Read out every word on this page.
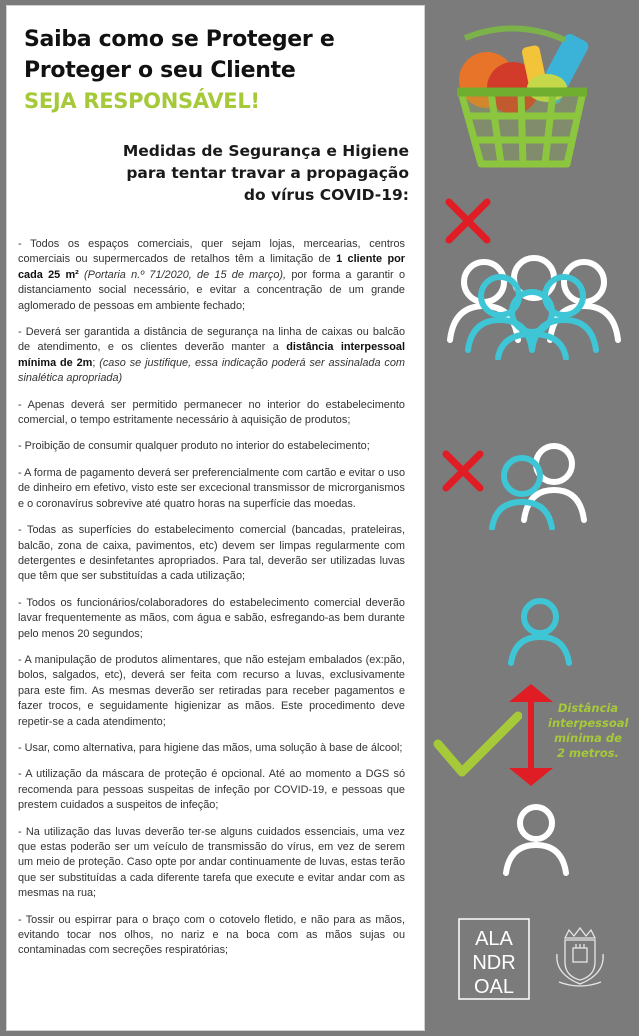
Saiba como se Proteger e
Proteger o seu Cliente
SEJA RESPONSÁVEL!
Medidas de Segurança e Higiene
para tentar travar a propagação
do vírus COVID-19:

- Todos os espaços comerciais, quer sejam lojas, mercearias, centros comerciais ou supermercados de retalhos têm a limitação de 1 cliente por cada 25 m² (Portaria n.º 71/2020, de 15 de março), por forma a garantir o distanciamento social necessário, e evitar a concentração de um grande aglomerado de pessoas em ambiente fechado;

- Deverá ser garantida a distância de segurança na linha de caixas ou balcão de atendimento, e os clientes deverão manter a distância interpessoal mínima de 2m; (caso se justifique, essa indicação poderá ser assinalada com sinalética apropriada)

- Apenas deverá ser permitido permanecer no interior do estabelecimento comercial, o tempo estritamente necessário à aquisição de produtos;

- Proibição de consumir qualquer produto no interior do estabelecimento;

- A forma de pagamento deverá ser preferencialmente com cartão e evitar o uso de dinheiro em efetivo, visto este ser excecional transmissor de microrganismos e o coronavírus sobrevive até quatro horas na superfície das moedas.

- Todas as superfícies do estabelecimento comercial (bancadas, prateleiras, balcão, zona de caixa, pavimentos, etc) devem ser limpas regularmente com detergentes e desinfetantes apropriados. Para tal, deverão ser utilizadas luvas que têm que ser substituídas a cada utilização;

- Todos os funcionários/colaboradores do estabelecimento comercial deverão lavar frequentemente as mãos, com água e sabão, esfregando-as bem durante pelo menos 20 segundos;

- A manipulação de produtos alimentares, que não estejam embalados (ex:pão, bolos, salgados, etc), deverá ser feita com recurso a luvas, exclusivamente para este fim. As mesmas deverão ser retiradas para receber pagamentos e fazer trocos, e seguidamente higienizar as mãos. Este procedimento deve repetir-se a cada atendimento;

- Usar, como alternativa, para higiene das mãos, uma solução à base de álcool;

- A utilização da máscara de proteção é opcional. Até ao momento a DGS só recomenda para pessoas suspeitas de infeção por COVID-19, e pessoas que prestem cuidados a suspeitos de infeção;

- Na utilização das luvas deverão ter-se alguns cuidados essenciais, uma vez que estas poderão ser um veículo de transmissão do vírus, em vez de serem um meio de proteção. Caso opte por andar continuamente de luvas, estas terão que ser substituídas a cada diferente tarefa que execute e evitar andar com as mesmas na rua;

- Tossir ou espirrar para o braço com o cotovelo fletido, e não para as mãos, evitando tocar nos olhos, no nariz e na boca com as mãos sujas ou contaminadas com secreções respiratórias;

Distância
interpessoal
mínima de
2 metros.
ALA
NDR
OAL
